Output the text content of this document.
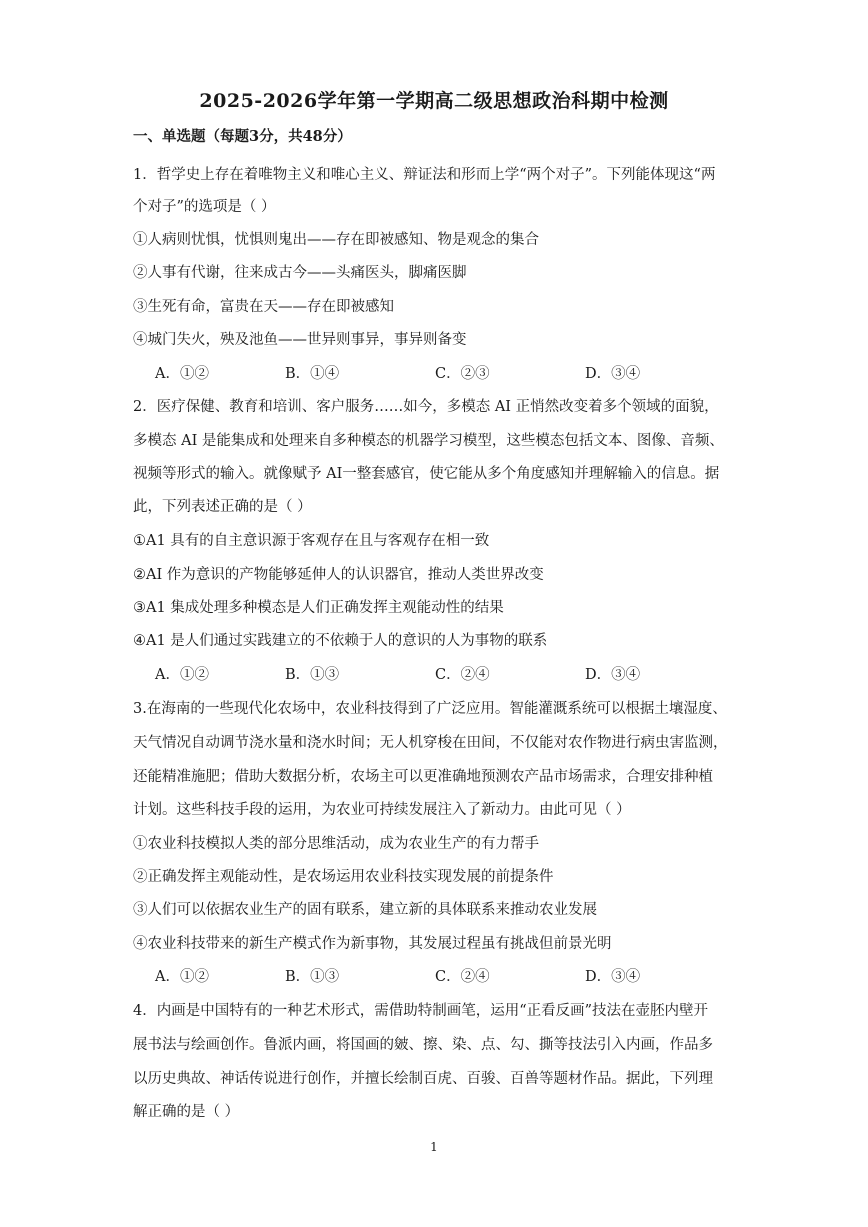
2025-2026学年第一学期高二级思想政治科期中检测
一、单选题（每题3分，共48分）
1．哲学史上存在着唯物主义和唯心主义、辩证法和形而上学“两个对子”。下列能体现这“两
个对子”的选项是（ ）
①人病则忧惧，忧惧则鬼出——存在即被感知、物是观念的集合
②人事有代谢，往来成古今——头痛医头，脚痛医脚
③生死有命，富贵在天——存在即被感知
④城门失火，殃及池鱼——世异则事异，事异则备变
A．①②	B．①④	C．②③	D．③④
2．医疗保健、教育和培训、客户服务……如今，多模态 AI 正悄然改变着多个领域的面貌，
多模态 AI 是能集成和处理来自多种模态的机器学习模型，这些模态包括文本、图像、音频、
视频等形式的输入。就像赋予 AI一整套感官，使它能从多个角度感知并理解输入的信息。据
此，下列表述正确的是（ ）
①A1 具有的自主意识源于客观存在且与客观存在相一致
②AI 作为意识的产物能够延伸人的认识器官，推动人类世界改变
③A1 集成处理多种模态是人们正确发挥主观能动性的结果
④A1 是人们通过实践建立的不依赖于人的意识的人为事物的联系
A．①②	B．①③	C．②④	D．③④
3.在海南的一些现代化农场中，农业科技得到了广泛应用。智能灌溉系统可以根据土壤湿度、
天气情况自动调节浇水量和浇水时间；无人机穿梭在田间，不仅能对农作物进行病虫害监测，
还能精准施肥；借助大数据分析，农场主可以更准确地预测农产品市场需求，合理安排种植
计划。这些科技手段的运用，为农业可持续发展注入了新动力。由此可见（ ）
①农业科技模拟人类的部分思维活动，成为农业生产的有力帮手
②正确发挥主观能动性，是农场运用农业科技实现发展的前提条件
③人们可以依据农业生产的固有联系，建立新的具体联系来推动农业发展
④农业科技带来的新生产模式作为新事物，其发展过程虽有挑战但前景光明
A．①②	B．①③	C．②④	D．③④
4．内画是中国特有的一种艺术形式，需借助特制画笔，运用“正看反画”技法在壶胚内壁开
展书法与绘画创作。鲁派内画，将国画的皴、擦、染、点、勾、撕等技法引入内画，作品多
以历史典故、神话传说进行创作，并擅长绘制百虎、百骏、百兽等题材作品。据此，下列理
解正确的是（ ）
1
